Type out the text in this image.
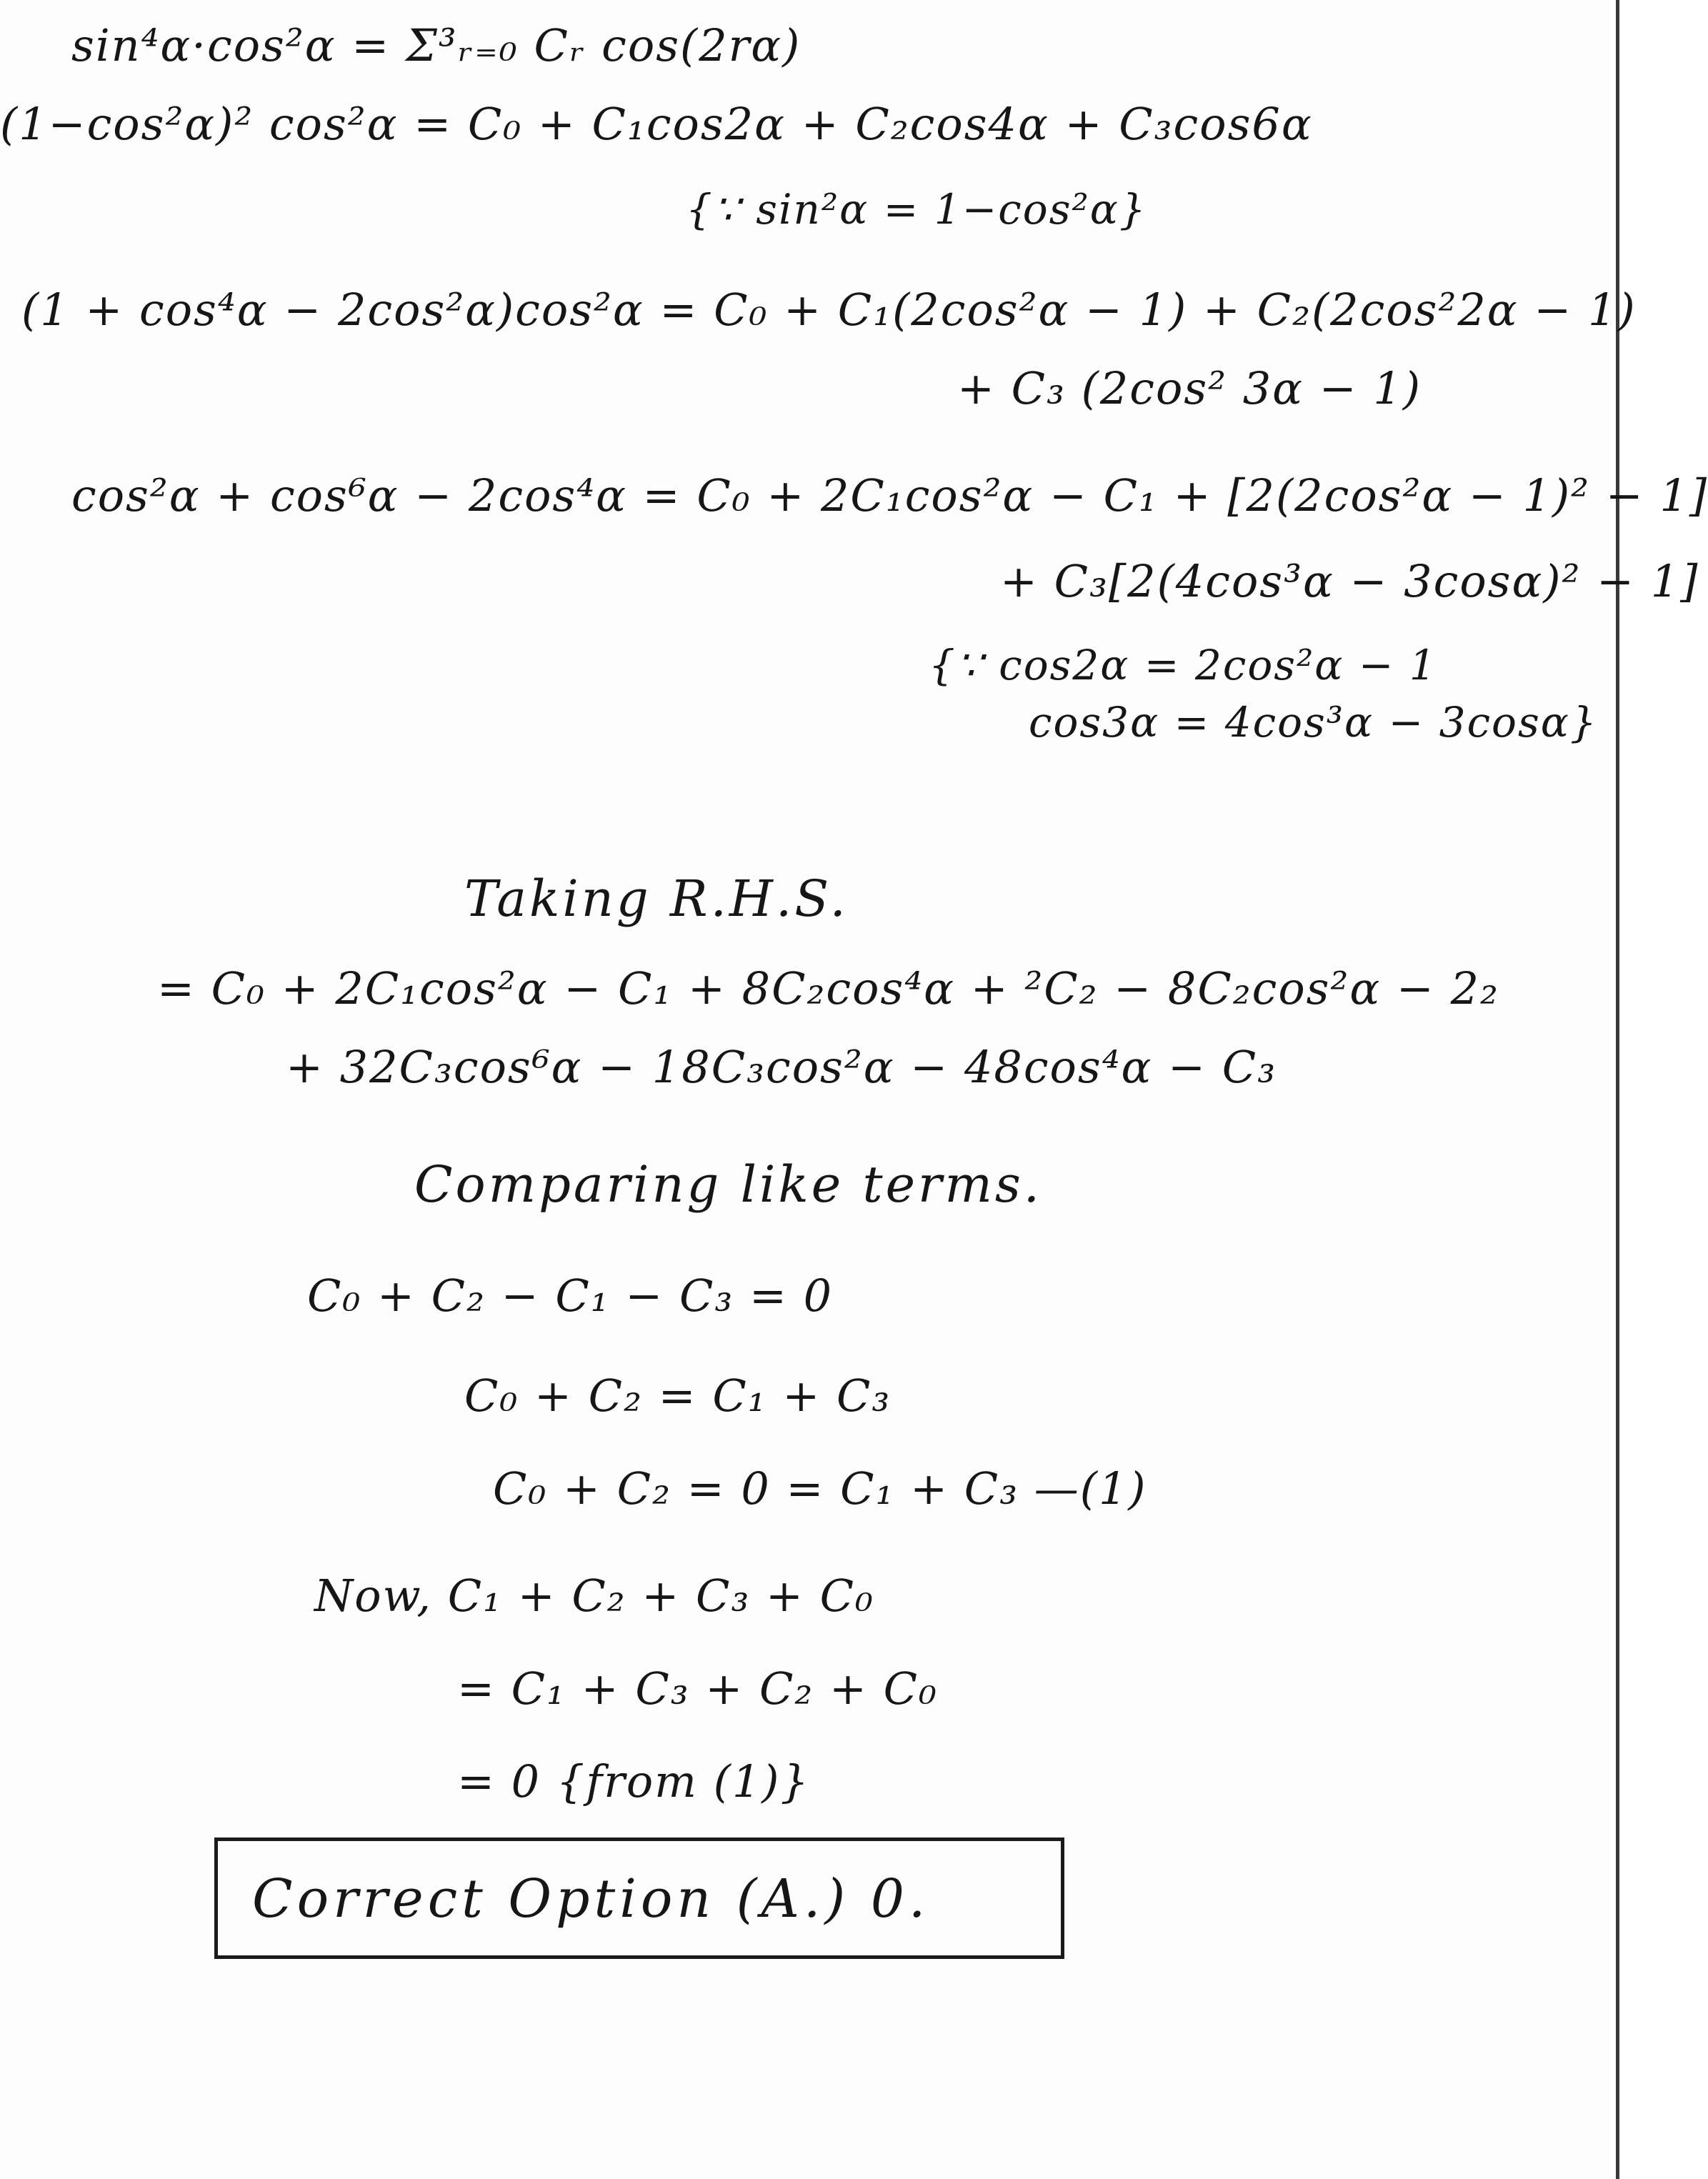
sin⁴α·cos²α = Σ³ᵣ₌₀ Cᵣ cos(2rα)
(1−cos²α)² cos²α = C₀ + C₁cos2α + C₂cos4α + C₃cos6α
{∵ sin²α = 1−cos²α}
(1 + cos⁴α − 2cos²α)cos²α = C₀ + C₁(2cos²α − 1) + C₂(2cos²2α − 1)
+ C₃ (2cos² 3α − 1)
cos²α + cos⁶α − 2cos⁴α = C₀ + 2C₁cos²α − C₁ + [2(2cos²α − 1)² − 1]
+ C₃[2(4cos³α − 3cosα)² − 1]
{∵ cos2α = 2cos²α − 1
cos3α = 4cos³α − 3cosα}
Taking R.H.S.
= C₀ + 2C₁cos²α − C₁ + 8C₂cos⁴α + ²C₂ − 8C₂cos²α − 2₂
+ 32C₃cos⁶α − 18C₃cos²α − 48cos⁴α − C₃
Comparing like terms.
C₀ + C₂ − C₁ − C₃ = 0
C₀ + C₂ = C₁ + C₃
C₀ + C₂ = 0 = C₁ + C₃ —(1)
Now, C₁ + C₂ + C₃ + C₀
= C₁ + C₃ + C₂ + C₀
= 0 {from (1)}
Correct Option (A.) 0.
